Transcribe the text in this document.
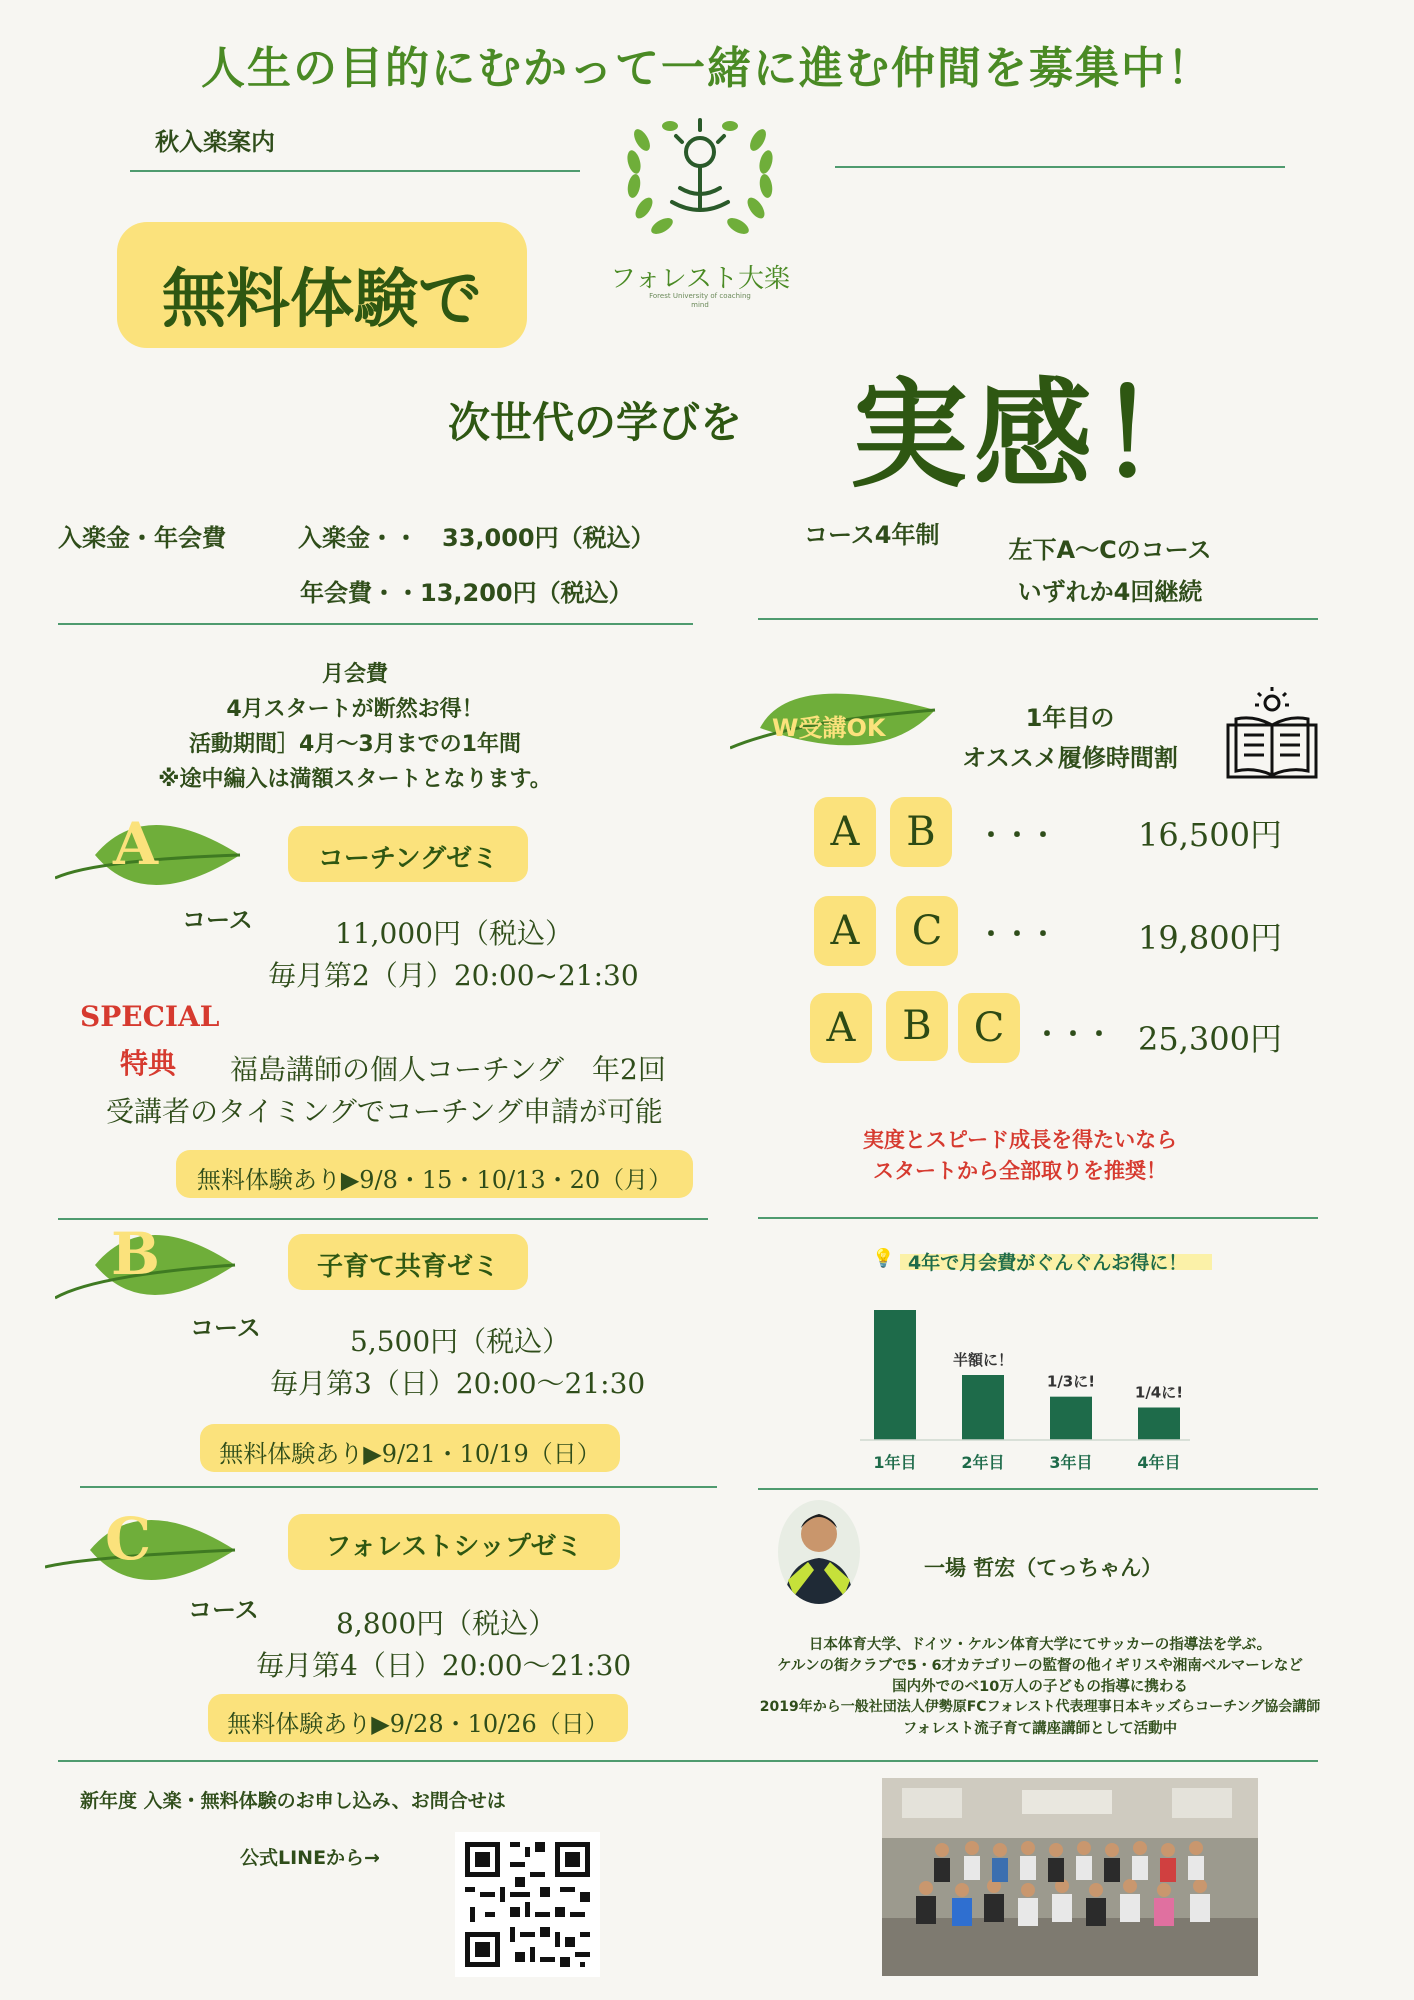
人生の目的にむかって一緒に進む仲間を募集中！
秋入楽案内
フォレスト大楽
Forest University of coaching mind
無料体験で
次世代の学びを 実感！
入楽金・年会費	入楽金・・　33,000円（税込）
年会費・・13,200円（税込）
コース4年制
左下A〜Cのコース
いずれか4回継続
月会費
4月スタートが断然お得！
活動期間］4月〜3月までの1年間
※途中編入は満額スタートとなります。
A	コーチングゼミ
コース	11,000円（税込）
毎月第2（月）20:00~21:30
SPECIAL
特典 福島講師の個人コーチング　年2回
受講者のタイミングでコーチング申請が可能
無料体験あり▶9/8・15・10/13・20（月）
B	子育て共育ゼミ
コース	5,500円（税込）
毎月第3（日）20:00〜21:30
無料体験あり▶9/21・10/19（日）
C	フォレストシップゼミ
コース	8,800円（税込）
毎月第4（日）20:00〜21:30
無料体験あり▶9/28・10/26（日）
W受講OK	1年目の
オススメ履修時間割
A	B	・・・	16,500円
A	C	・・・	19,800円
A	B	C	・・・ 25,300円
実度とスピード成長を得たいなら
スタートから全部取りを推奨！
💡 4年で月会費がぐんぐんお得に！
1年目	2年目
半額に！
3年目
1/3に!
4年目
1/4に!
一場 哲宏（てっちゃん）
日本体育大学、ドイツ・ケルン体育大学にてサッカーの指導法を学ぶ。
ケルンの街クラブで5・6才カテゴリーの監督の他イギリスや湘南ベルマーレなど
国内外でのベ10万人の子どもの指導に携わる
2019年から一般社団法人伊勢原FCフォレスト代表理事日本キッズらコーチング協会講師
フォレスト流子育て講座講師として活動中
新年度 入楽・無料体験のお申し込み、お問合せは
公式LINEから→
